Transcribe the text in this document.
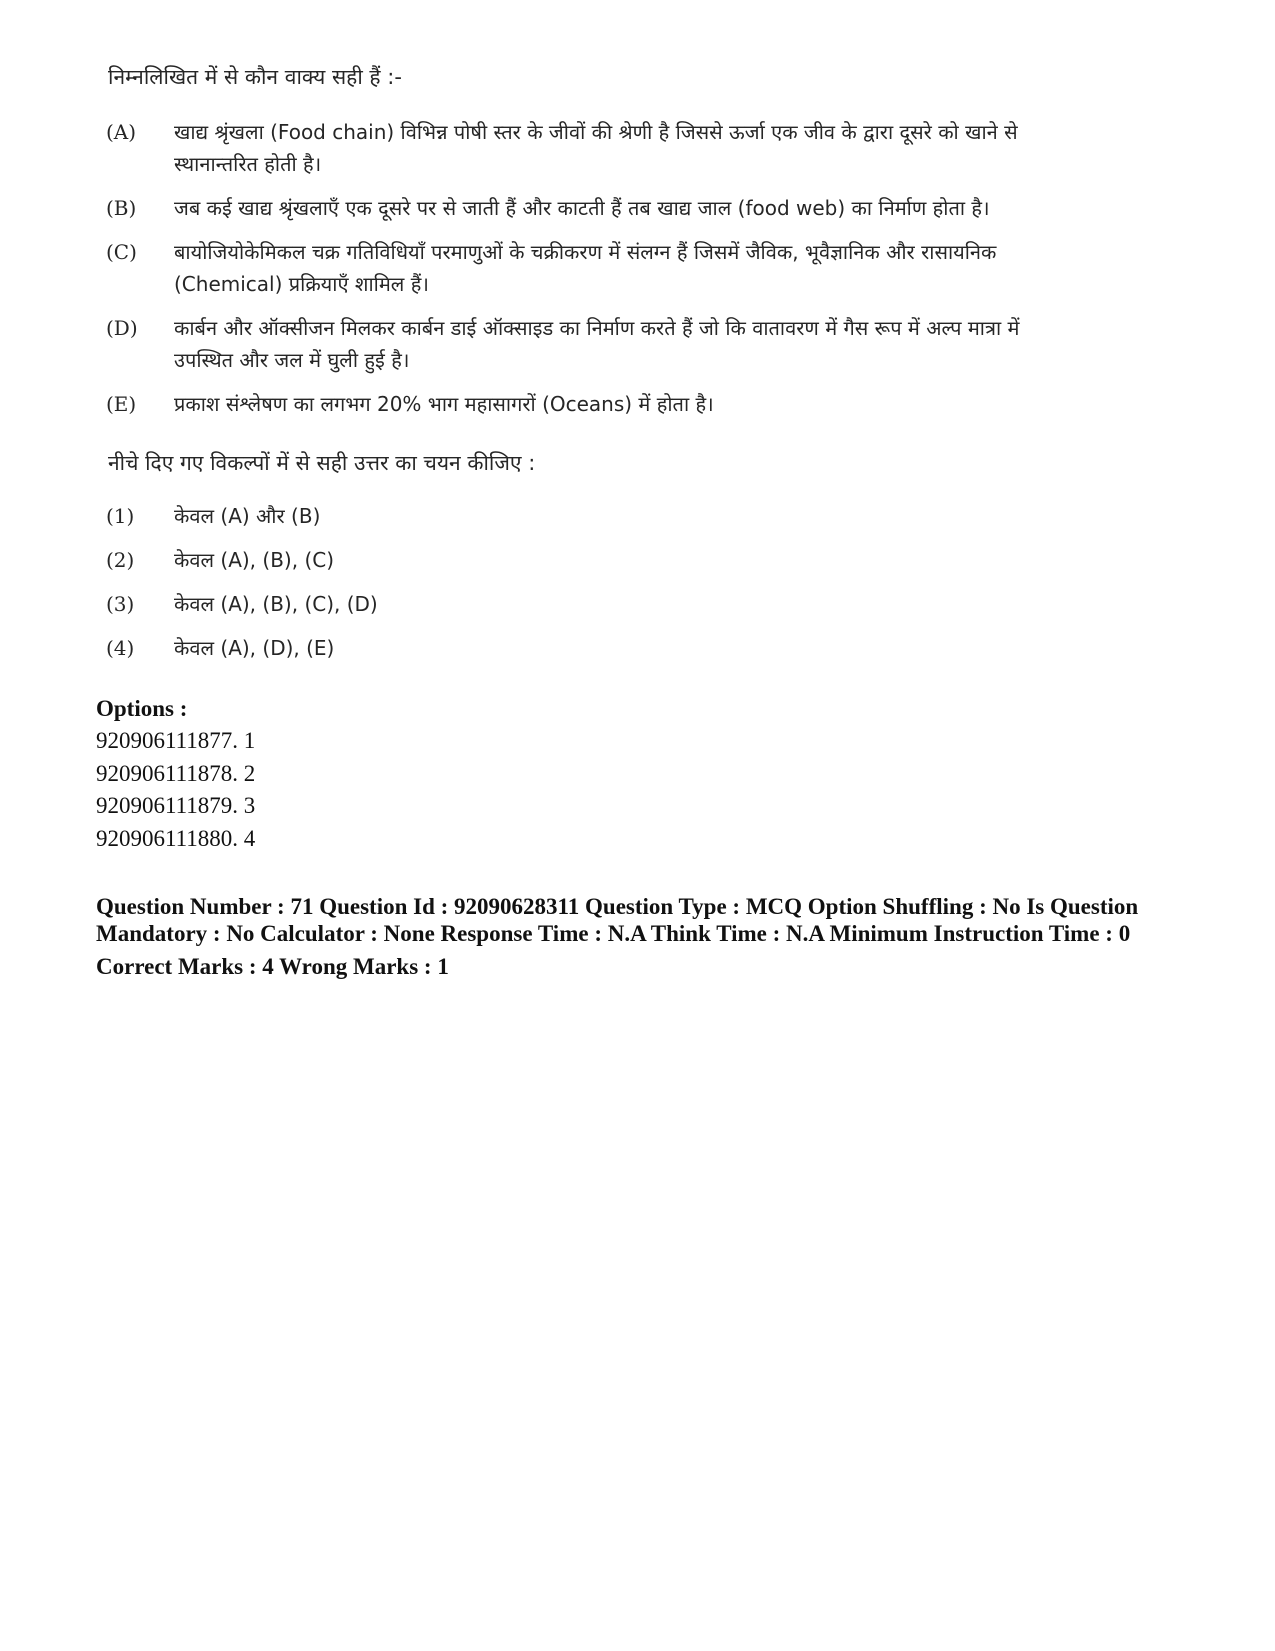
निम्नलिखित में से कौन वाक्य सही हैं :-
(A)	खाद्य श्रृंखला (Food chain) विभिन्न पोषी स्तर के जीवों की श्रेणी है जिससे ऊर्जा एक जीव के द्वारा दूसरे को खाने से स्थानान्तरित होती है।
(B)	जब कई खाद्य श्रृंखलाएँ एक दूसरे पर से जाती हैं और काटती हैं तब खाद्य जाल (food web) का निर्माण होता है।
(C)	बायोजियोकेमिकल चक्र गतिविधियाँ परमाणुओं के चक्रीकरण में संलग्न हैं जिसमें जैविक, भूवैज्ञानिक और रासायनिक (Chemical) प्रक्रियाएँ शामिल हैं।
(D)	कार्बन और ऑक्सीजन मिलकर कार्बन डाई ऑक्साइड का निर्माण करते हैं जो कि वातावरण में गैस रूप में अल्प मात्रा में उपस्थित और जल में घुली हुई है।
(E)	प्रकाश संश्लेषण का लगभग 20% भाग महासागरों (Oceans) में होता है।
नीचे दिए गए विकल्पों में से सही उत्तर का चयन कीजिए :
(1)	केवल (A) और (B)
(2)	केवल (A), (B), (C)
(3)	केवल (A), (B), (C), (D)
(4)	केवल (A), (D), (E)
Options :
920906111877. 1
920906111878. 2
920906111879. 3
920906111880. 4
Question Number : 71 Question Id : 92090628311 Question Type : MCQ Option Shuffling : No Is Question Mandatory : No Calculator : None Response Time : N.A Think Time : N.A Minimum Instruction Time : 0
Correct Marks : 4 Wrong Marks : 1
